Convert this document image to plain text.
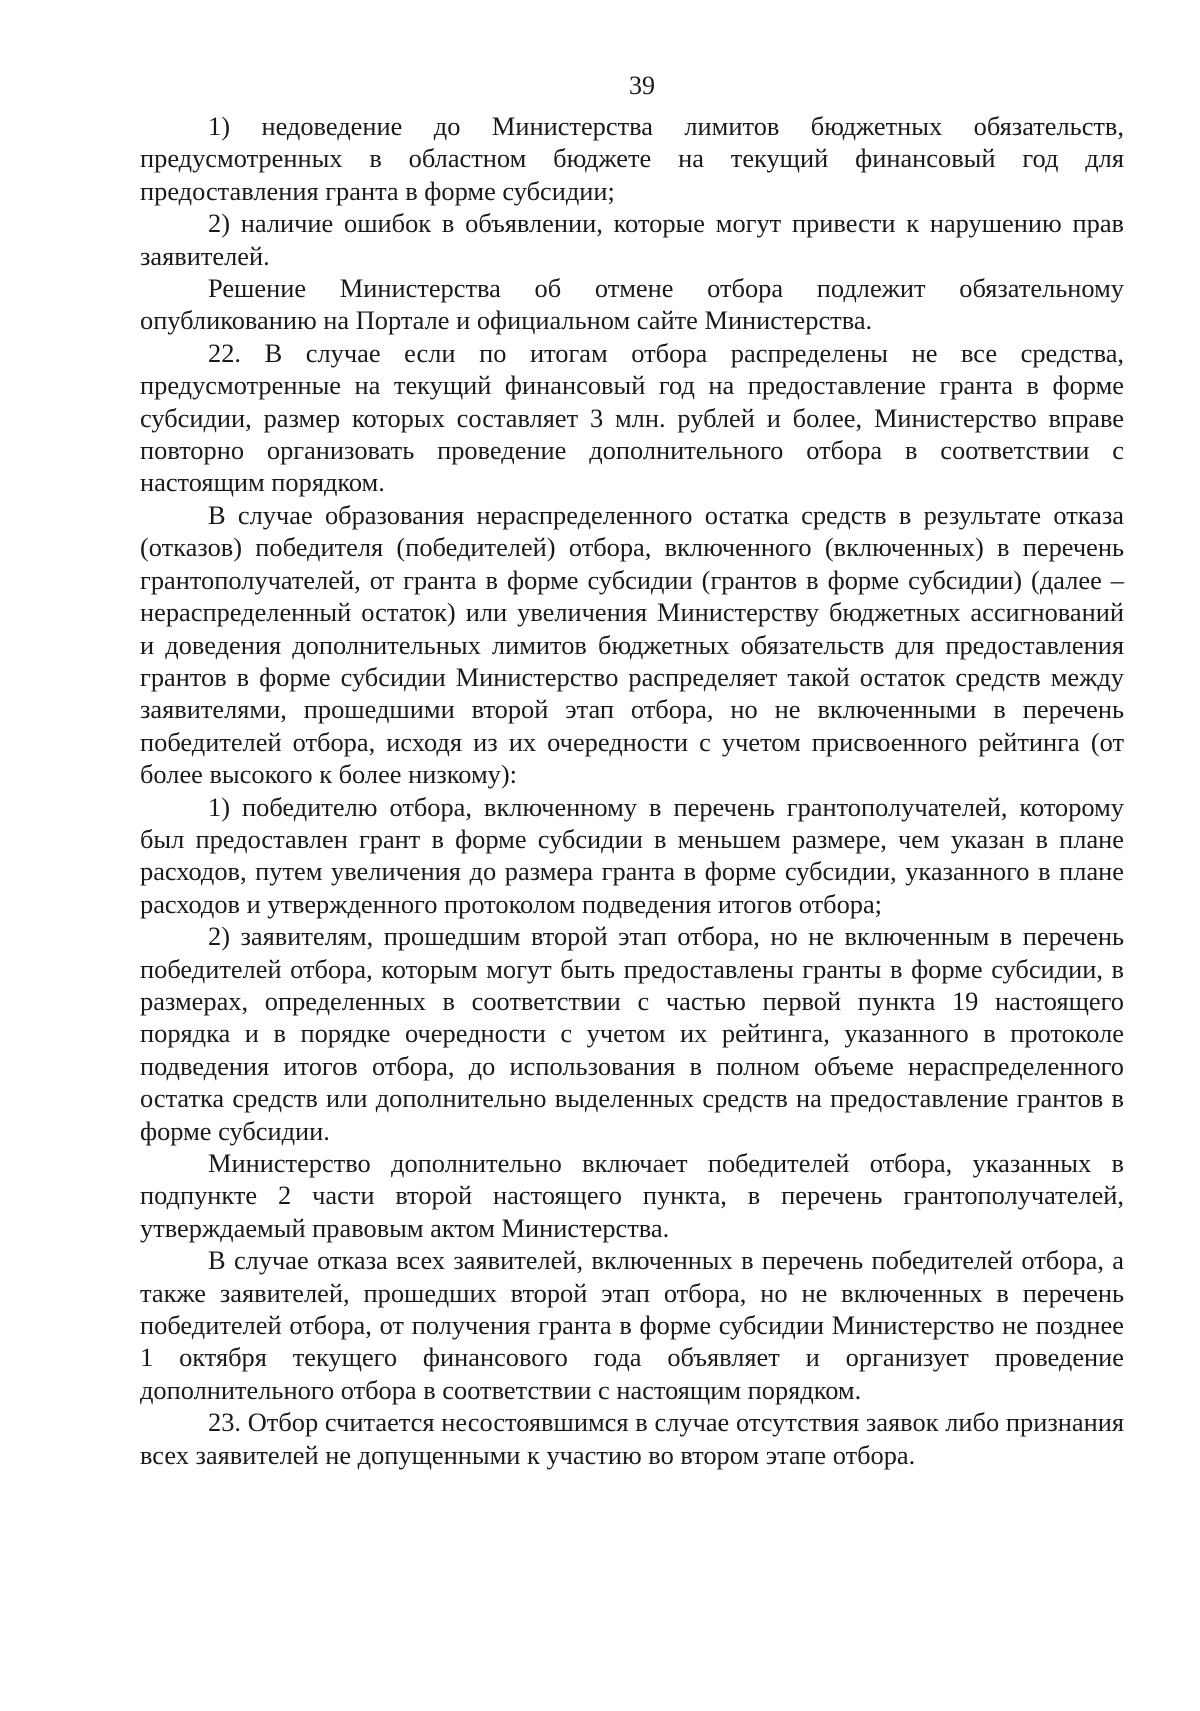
39

1) недоведение до Министерства лимитов бюджетных обязательств, предусмотренных в областном бюджете на текущий финансовый год для предоставления гранта в форме субсидии;

2) наличие ошибок в объявлении, которые могут привести к нарушению прав заявителей.

Решение Министерства об отмене отбора подлежит обязательному опубликованию на Портале и официальном сайте Министерства.

22. В случае если по итогам отбора распределены не все средства, предусмотренные на текущий финансовый год на предоставление гранта в форме субсидии, размер которых составляет 3 млн. рублей и более, Министерство вправе повторно организовать проведение дополнительного отбора в соответствии с настоящим порядком.

В случае образования нераспределенного остатка средств в результате отказа (отказов) победителя (победителей) отбора, включенного (включенных) в перечень грантополучателей, от гранта в форме субсидии (грантов в форме субсидии) (далее – нераспределенный остаток) или увеличения Министерству бюджетных ассигнований и доведения дополнительных лимитов бюджетных обязательств для предоставления грантов в форме субсидии Министерство распределяет такой остаток средств между заявителями, прошедшими второй этап отбора, но не включенными в перечень победителей отбора, исходя из их очередности с учетом присвоенного рейтинга (от более высокого к более низкому):

1) победителю отбора, включенному в перечень грантополучателей, которому был предоставлен грант в форме субсидии в меньшем размере, чем указан в плане расходов, путем увеличения до размера гранта в форме субсидии, указанного в плане расходов и утвержденного протоколом подведения итогов отбора;

2) заявителям, прошедшим второй этап отбора, но не включенным в перечень победителей отбора, которым могут быть предоставлены гранты в форме субсидии, в размерах, определенных в соответствии с частью первой пункта 19 настоящего порядка и в порядке очередности с учетом их рейтинга, указанного в протоколе подведения итогов отбора, до использования в полном объеме нераспределенного остатка средств или дополнительно выделенных средств на предоставление грантов в форме субсидии.

Министерство дополнительно включает победителей отбора, указанных в подпункте 2 части второй настоящего пункта, в перечень грантополучателей, утверждаемый правовым актом Министерства.

В случае отказа всех заявителей, включенных в перечень победителей отбора, а также заявителей, прошедших второй этап отбора, но не включенных в перечень победителей отбора, от получения гранта в форме субсидии Министерство не позднее 1 октября текущего финансового года объявляет и организует проведение дополнительного отбора в соответствии с настоящим порядком.

23. Отбор считается несостоявшимся в случае отсутствия заявок либо признания всех заявителей не допущенными к участию во втором этапе отбора.
